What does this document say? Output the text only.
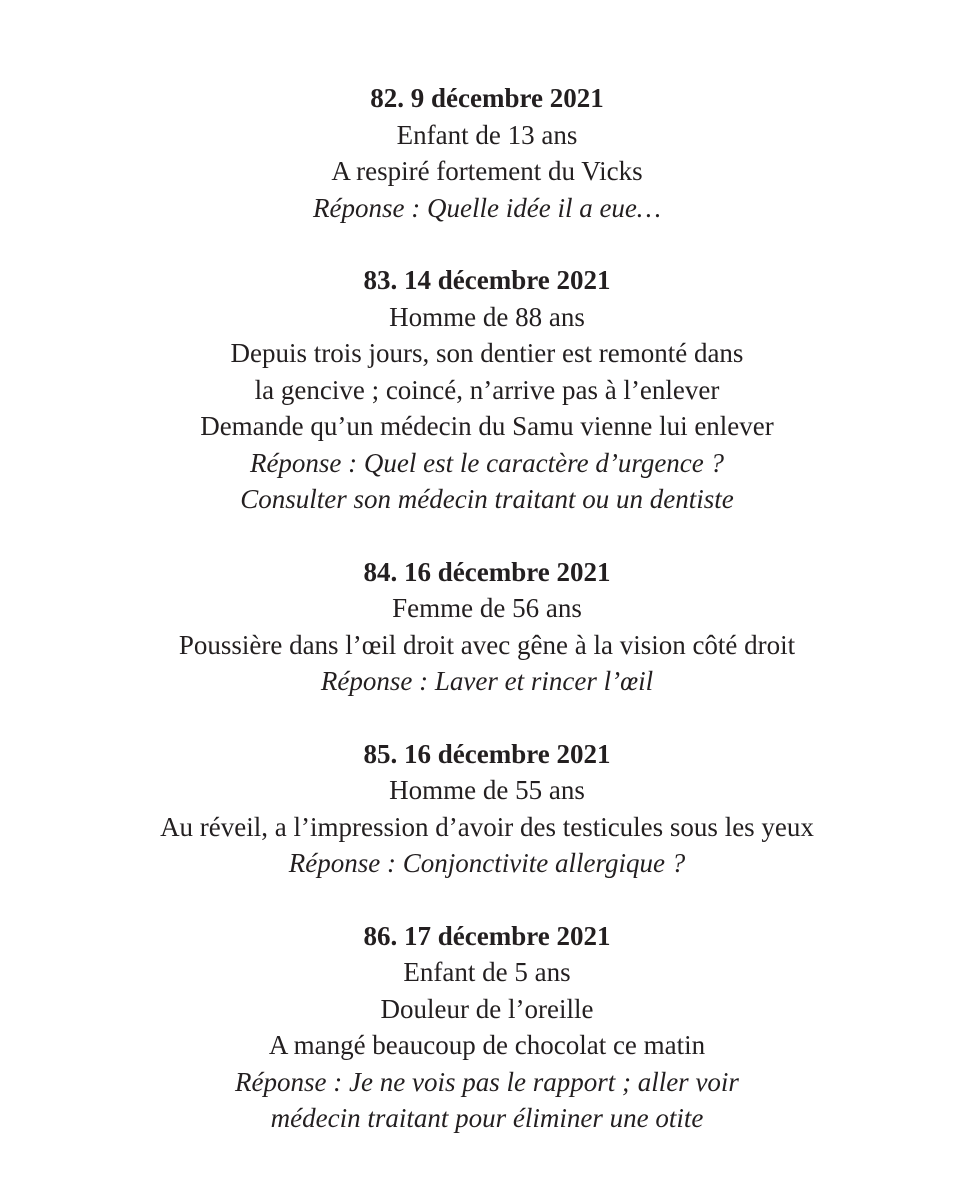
82. 9 décembre 2021
Enfant de 13 ans
A respiré fortement du Vicks
Réponse : Quelle idée il a eue…
83. 14 décembre 2021
Homme de 88 ans
Depuis trois jours, son dentier est remonté dans
la gencive ; coincé, n’arrive pas à l’enlever
Demande qu’un médecin du Samu vienne lui enlever
Réponse : Quel est le caractère d’urgence ?
Consulter son médecin traitant ou un dentiste
84. 16 décembre 2021
Femme de 56 ans
Poussière dans l’œil droit avec gêne à la vision côté droit
Réponse : Laver et rincer l’œil
85. 16 décembre 2021
Homme de 55 ans
Au réveil, a l’impression d’avoir des testicules sous les yeux
Réponse : Conjonctivite allergique ?
86. 17 décembre 2021
Enfant de 5 ans
Douleur de l’oreille
A mangé beaucoup de chocolat ce matin
Réponse : Je ne vois pas le rapport ; aller voir
médecin traitant pour éliminer une otite
